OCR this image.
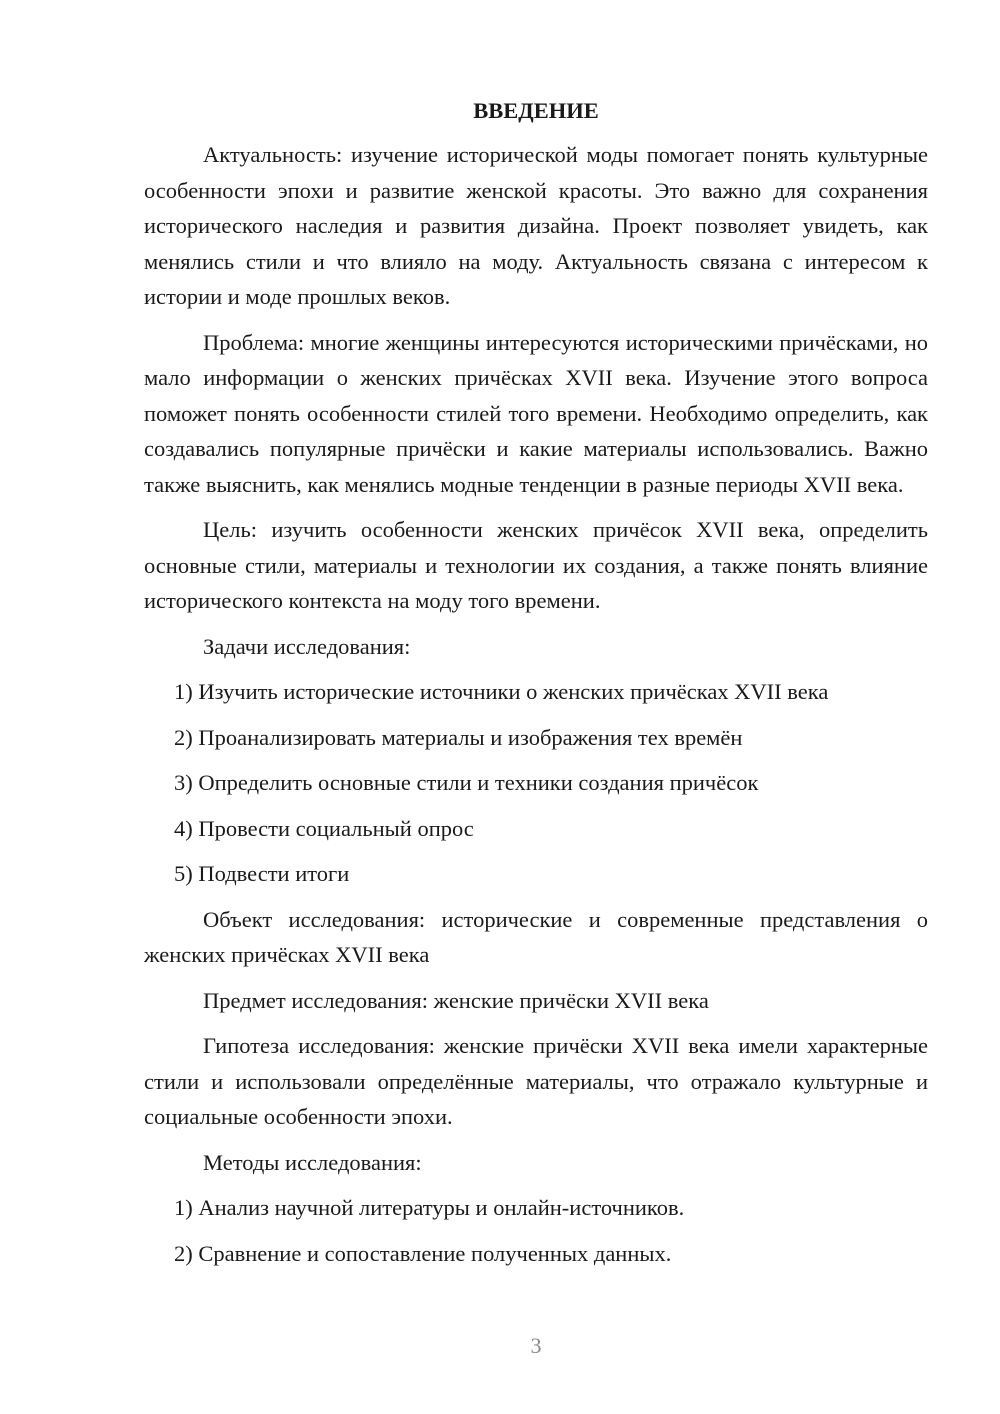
ВВЕДЕНИЕ
Актуальность: изучение исторической моды помогает понять культурные особенности эпохи и развитие женской красоты. Это важно для сохранения исторического наследия и развития дизайна. Проект позволяет увидеть, как менялись стили и что влияло на моду. Актуальность связана с интересом к истории и моде прошлых веков.
Проблема: многие женщины интересуются историческими причёсками, но мало информации о женских причёсках XVII века. Изучение этого вопроса поможет понять особенности стилей того времени. Необходимо определить, как создавались популярные причёски и какие материалы использовались. Важно также выяснить, как менялись модные тенденции в разные периоды XVII века.
Цель: изучить особенности женских причёсок XVII века, определить основные стили, материалы и технологии их создания, а также понять влияние исторического контекста на моду того времени.
Задачи исследования:
1) Изучить исторические источники о женских причёсках XVII века
2) Проанализировать материалы и изображения тех времён
3) Определить основные стили и техники создания причёсок
4) Провести социальный опрос
5) Подвести итоги
Объект исследования: исторические и современные представления о женских причёсках XVII века
Предмет исследования: женские причёски XVII века
Гипотеза исследования: женские причёски XVII века имели характерные стили и использовали определённые материалы, что отражало культурные и социальные особенности эпохи.
Методы исследования:
1) Анализ научной литературы и онлайн-источников.
2) Сравнение и сопоставление полученных данных.
3
